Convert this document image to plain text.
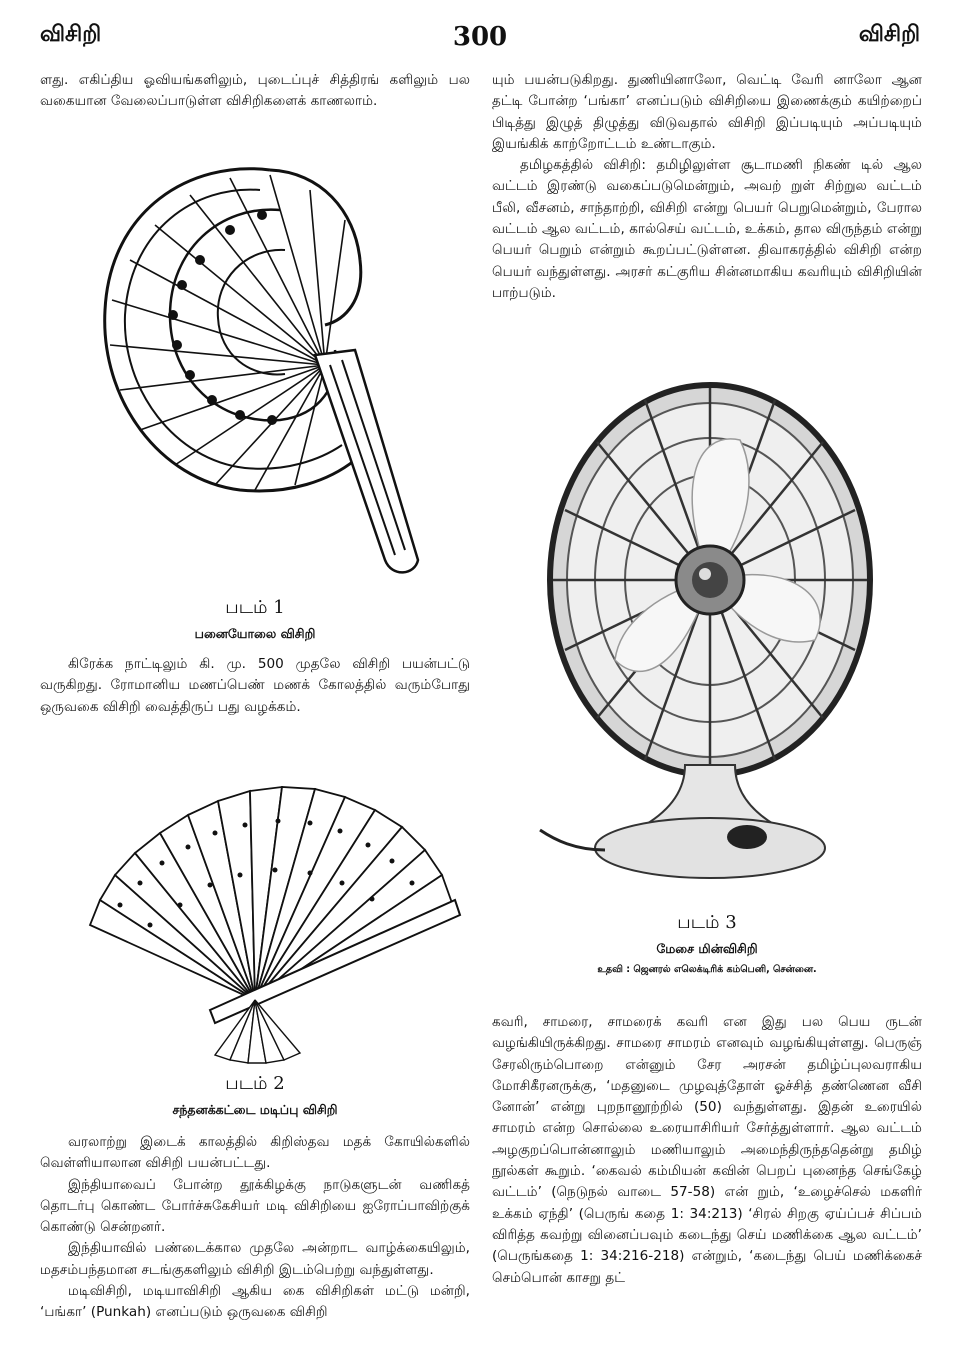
விசிறி	300	விசிறி

ளது. எகிப்திய ஓவியங்களிலும், புடைப்புச் சித்திரங் களிலும் பல வகையான வேலைப்பாடுள்ள விசிறிகளைக் காணலாம்.

படம் 1
பனையோலை விசிறி

கிரேக்க நாட்டிலும் கி. மு. 500 முதலே விசிறி பயன்பட்டு வருகிறது. ரோமானிய மணப்பெண் மணக் கோலத்தில் வரும்போது ஒருவகை விசிறி வைத்திருப் பது வழக்கம்.

படம் 2
சந்தனக்கட்டை மடிப்பு விசிறி

வரலாற்று இடைக் காலத்தில் கிறிஸ்தவ மதக் கோயில்களில் வெள்ளியாலான விசிறி பயன்பட்டது.

இந்தியாவைப் போன்ற தூக்கிழக்கு நாடுகளுடன் வணிகத் தொடர்பு கொண்ட போர்ச்சுகேசியர் மடி விசிறியை ஐரோப்பாவிற்குக் கொண்டு சென்றனர்.

இந்தியாவில் பண்டைக்கால முதலே அன்றாட வாழ்க்கையிலும், மதசம்பந்தமான சடங்குகளிலும் விசிறி இடம்பெற்று வந்துள்ளது.

மடிவிசிறி, மடியாவிசிறி ஆகிய கை விசிறிகள் மட்டு மன்றி, ‘பங்கா’ (Punkah) எனப்படும் ஒருவகை விசிறி

யும் பயன்படுகிறது. துணியினாலோ, வெட்டி வேரி னாலோ ஆன தட்டி போன்ற ‘பங்கா’ எனப்படும் விசிறியை இணைக்கும் கயிற்றைப் பிடித்து இழுத் திழுத்து விடுவதால் விசிறி இப்படியும் அப்படியும் இயங்கிக் காற்றோட்டம் உண்டாகும்.

தமிழகத்தில் விசிறி: தமிழிலுள்ள சூடாமணி நிகண் டில் ஆல வட்டம் இரண்டு வகைப்படுமென்றும், அவற் றுள் சிற்றுல வட்டம் பீலி, வீசனம், சாந்தாற்றி, விசிறி என்று பெயர் பெறுமென்றும், பேரால வட்டம் ஆல வட்டம், கால்செய் வட்டம், உக்கம், தால விருந்தம் என்று பெயர் பெறும் என்றும் கூறப்பட்டுள்ளன. திவாகரத்தில் விசிறி என்ற பெயர் வந்துள்ளது. அரசர் கட்குரிய சின்னமாகிய கவரியும் விசிறியின் பாற்படும்.

படம் 3
மேசை மின்விசிறி
உதவி : ஜெனரல் எலெக்டிரிக் கம்பெனி, சென்னை.

கவரி, சாமரை, சாமரைக் கவரி என இது பல பெய ருடன் வழங்கியிருக்கிறது. சாமரை சாமரம் எனவும் வழங்கியுள்ளது. பெருஞ் சேரலிரும்பொறை என்னும் சேர அரசன் தமிழ்ப்புலவராகிய மோசிகீரனருக்கு, ‘மதனுடை முழவுத்தோள் ஓச்சித் தண்ணென வீசி னோன்’ என்று புறநானூற்றில் (50) வந்துள்ளது. இதன் உரையில் சாமரம் என்ற சொல்லை உரையாசிரியர் சேர்த்துள்ளார். ஆல வட்டம் அழகுறப்பொன்னாலும் மணியாலும் அமைந்திருந்ததென்று தமிழ் நூல்கள் கூறும். ‘கைவல் கம்மியன் கவின் பெறப் புனைந்த செங்கேழ் வட்டம்’ (நெடுநல் வாடை 57-58) என் றும், ‘உழைச்செல் மகளிர் உக்கம் ஏந்தி’ (பெருங் கதை 1: 34:213) ‘சிரல் சிறகு ஏய்ப்பச் சிப்பம் விரித்த கவற்று வினைப்பவும் கடைந்து செய் மணிக்கை ஆல வட்டம்’ (பெருங்கதை 1: 34:216-218) என்றும், ‘கடைந்து பெய் மணிக்கைச் செம்பொன் காசறு தட்
